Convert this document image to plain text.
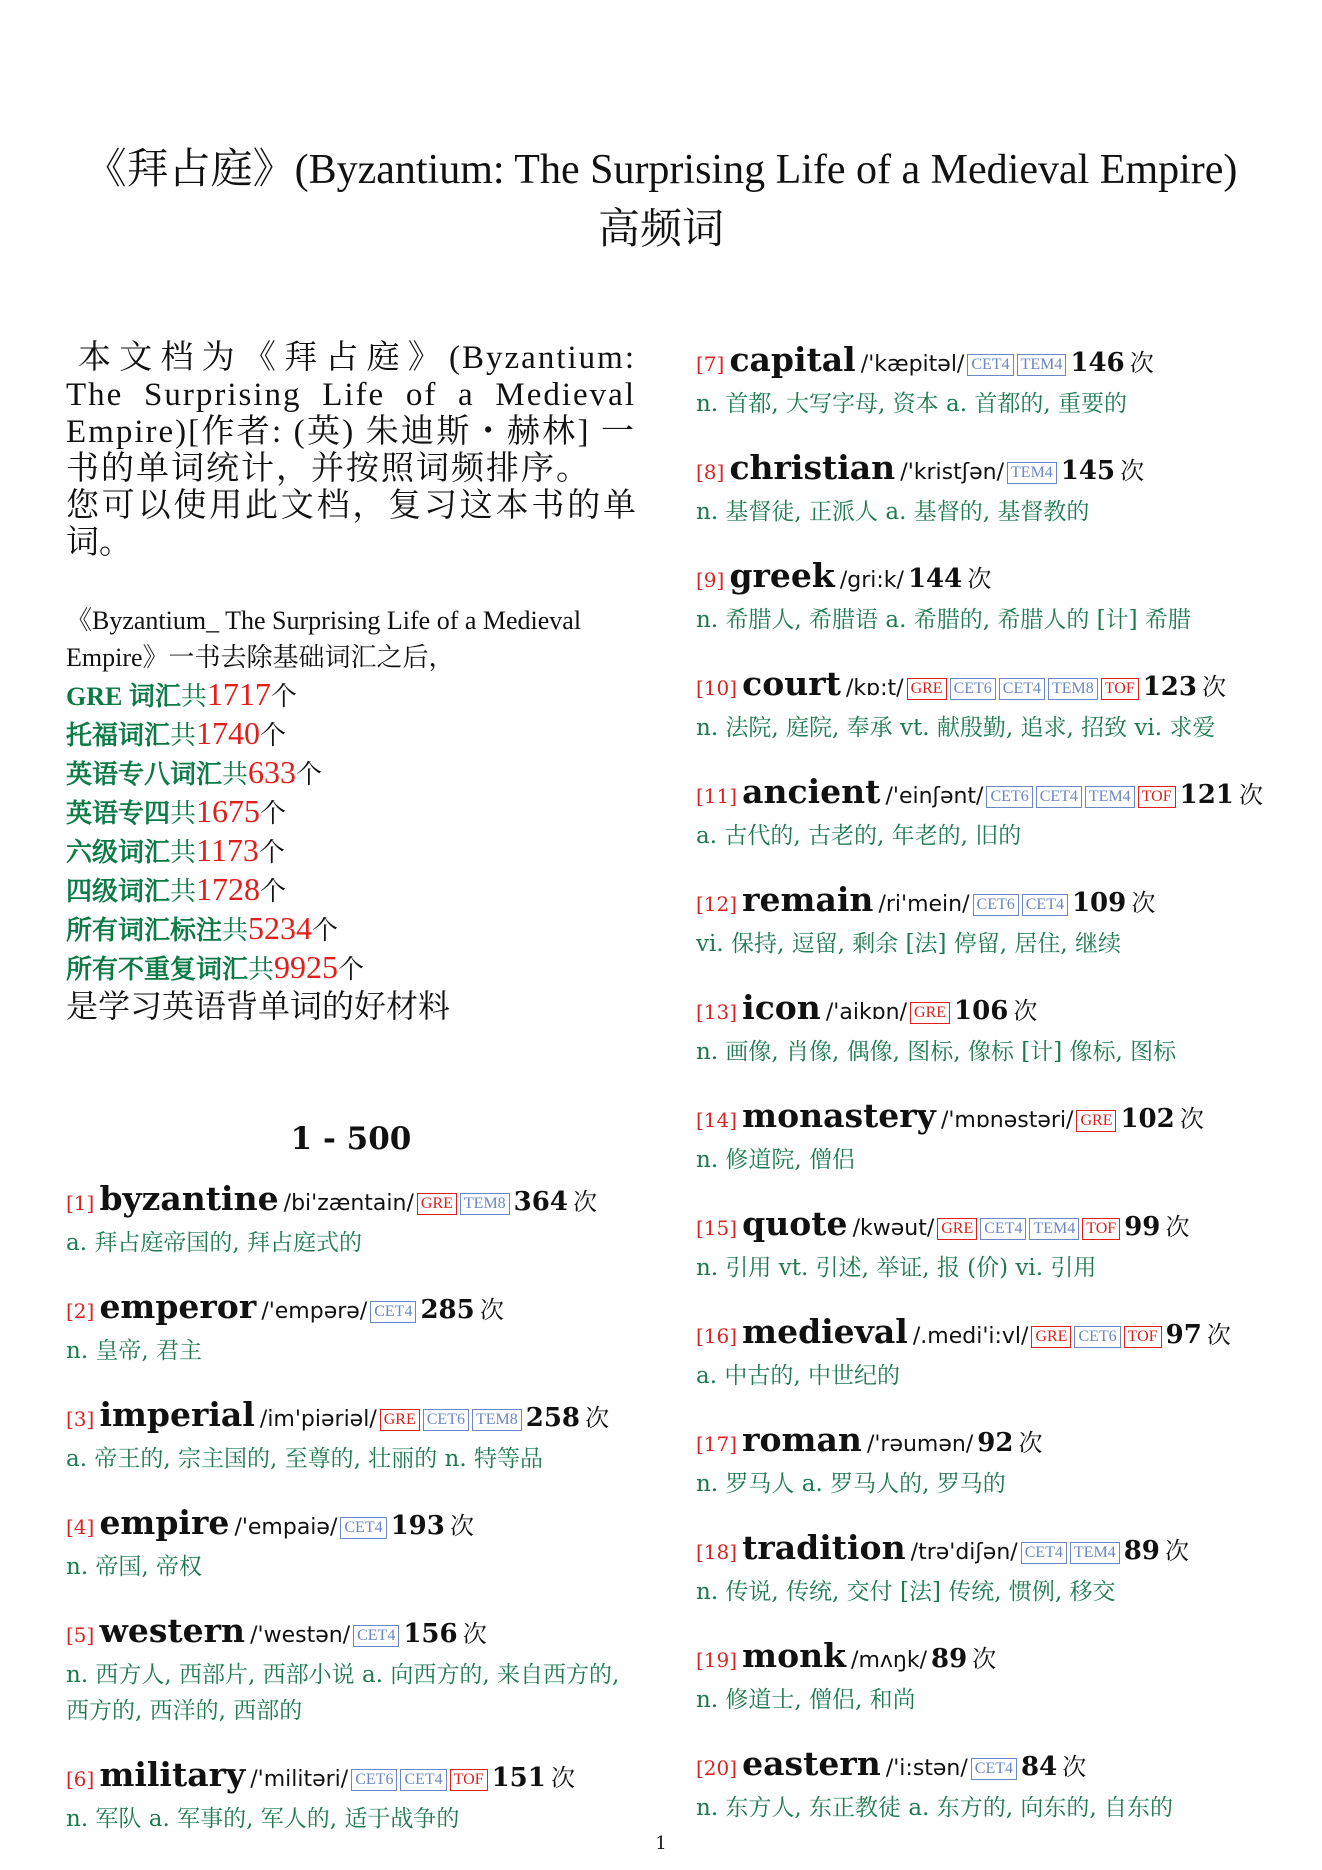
《拜占庭》(Byzantium: The Surprising Life of a Medieval Empire)
高频词

本文档为《拜占庭》(Byzantium: The Surprising Life of a Medieval Empire)[作者: (英) 朱迪斯・赫林] 一书的单词统计，并按照词频排序。

您可以使用此文档，复习这本书的单词。

《Byzantium_ The Surprising Life of a Medieval Empire》一书去除基础词汇之后，

GRE 词汇共1717个
托福词汇共1740个
英语专八词汇共633个
英语专四共1675个
六级词汇共1173个
四级词汇共1728个
所有词汇标注共5234个
所有不重复词汇共9925个
是学习英语背单词的好材料
1 - 500
[1] byzantine /bi'zæntain/ GRE TEM8 364 次
a. 拜占庭帝国的, 拜占庭式的
[2] emperor /'empərə/ CET4 285 次
n. 皇帝, 君主
[3] imperial /im'piəriəl/ GRE CET6 TEM8 258 次
a. 帝王的, 宗主国的, 至尊的, 壮丽的 n. 特等品
[4] empire /'empaiə/ CET4 193 次
n. 帝国, 帝权
[5] western /'westən/ CET4 156 次
n. 西方人, 西部片, 西部小说 a. 向西方的, 来自西方的, 西方的, 西洋的, 西部的
[6] military /'militəri/ CET6 CET4 TOF 151 次
n. 军队 a. 军事的, 军人的, 适于战争的
[7] capital /'kæpitəl/ CET4 TEM4 146 次
n. 首都, 大写字母, 资本 a. 首都的, 重要的
[8] christian /'kristʃən/ TEM4 145 次
n. 基督徒, 正派人 a. 基督的, 基督教的
[9] greek /gri:k/ 144 次
n. 希腊人, 希腊语 a. 希腊的, 希腊人的 [计] 希腊
[10] court /kɒ:t/ GRE CET6 CET4 TEM8 TOF 123 次
n. 法院, 庭院, 奉承 vt. 献殷勤, 追求, 招致 vi. 求爱
[11] ancient /'einʃənt/ CET6 CET4 TEM4 TOF 121 次
a. 古代的, 古老的, 年老的, 旧的
[12] remain /ri'mein/ CET6 CET4 109 次
vi. 保持, 逗留, 剩余 [法] 停留, 居住, 继续
[13] icon /'aikɒn/ GRE 106 次
n. 画像, 肖像, 偶像, 图标, 像标 [计] 像标, 图标
[14] monastery /'mɒnəstəri/ GRE 102 次
n. 修道院, 僧侣
[15] quote /kwəut/ GRE CET4 TEM4 TOF 99 次
n. 引用 vt. 引述, 举证, 报 (价) vi. 引用
[16] medieval /.medi'i:vl/ GRE CET6 TOF 97 次
a. 中古的, 中世纪的
[17] roman /'rəumən/ 92 次
n. 罗马人 a. 罗马人的, 罗马的
[18] tradition /trə'diʃən/ CET4 TEM4 89 次
n. 传说, 传统, 交付 [法] 传统, 惯例, 移交
[19] monk /mʌŋk/ 89 次
n. 修道士, 僧侣, 和尚
[20] eastern /'i:stən/ CET4 84 次
n. 东方人, 东正教徒 a. 东方的, 向东的, 自东的
1
